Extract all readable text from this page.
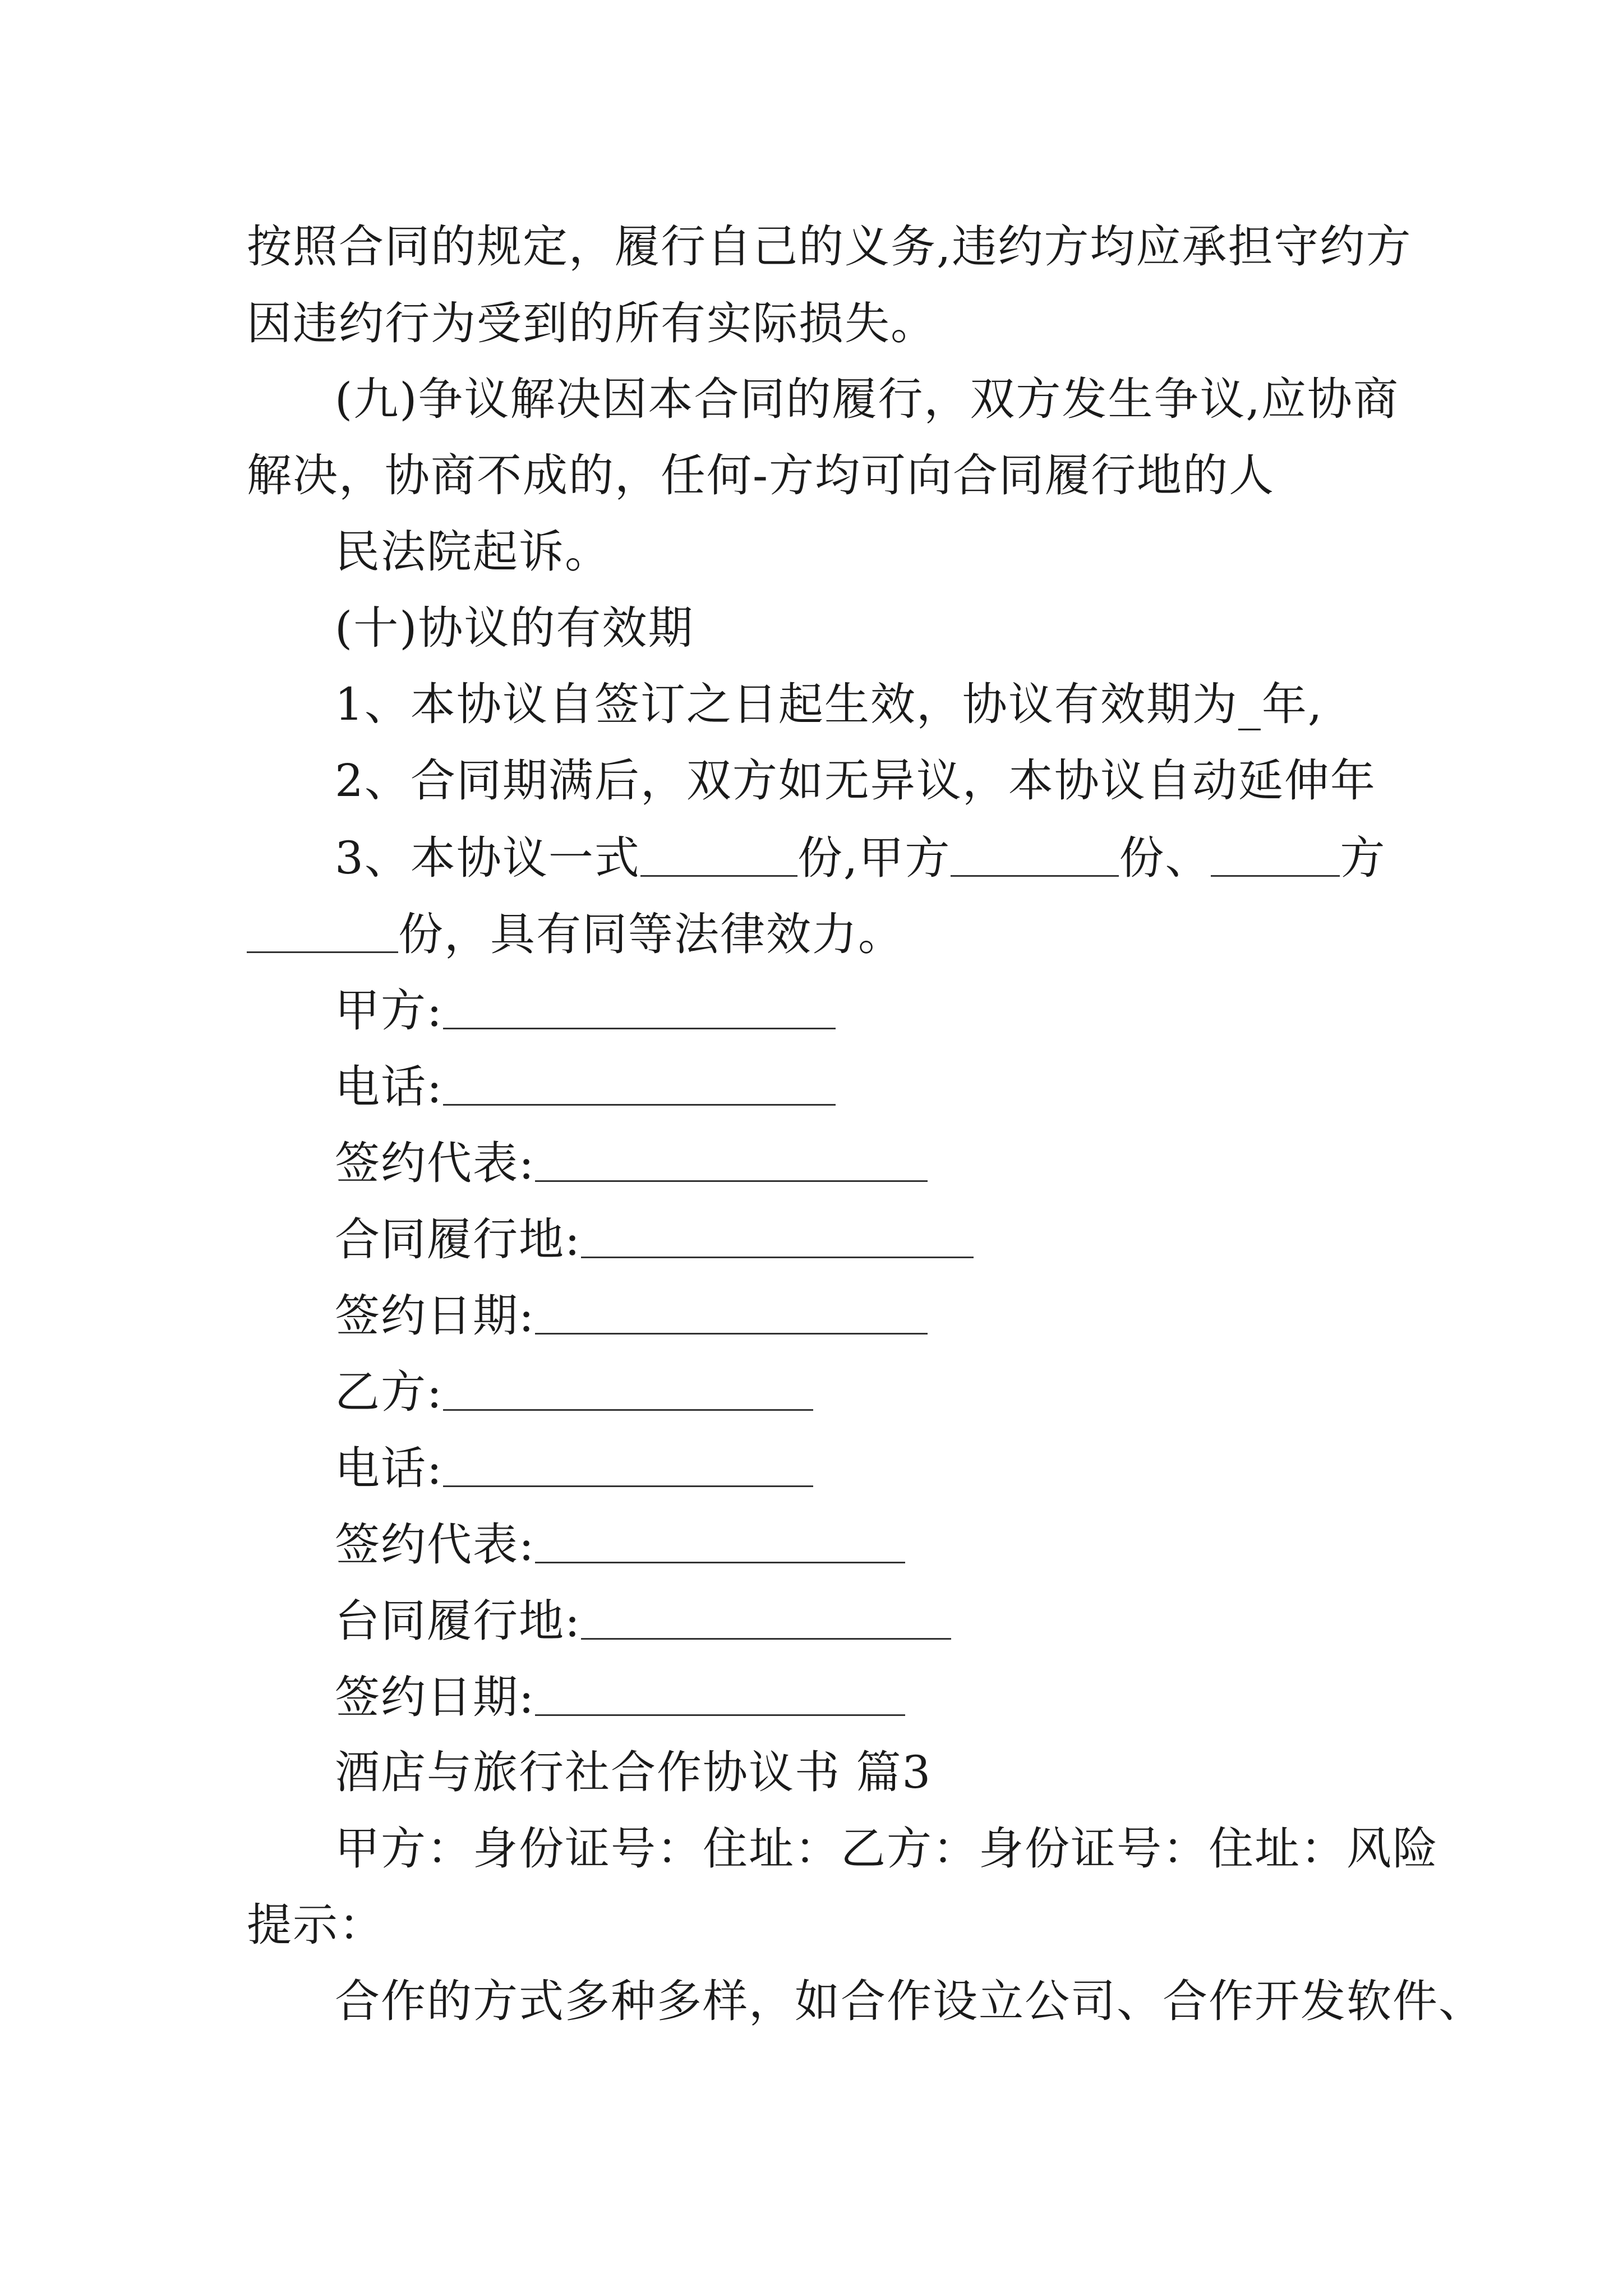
按照合同的规定，履行自己的义务,违约方均应承担守约方
因违约行为受到的所有实际损失。
(九)争议解决因本合同的履行，双方发生争议,应协商
解决，协商不成的，任何-方均可向合同履行地的人
民法院起诉。
(十)协议的有效期
1、本协议自签订之日起生效，协议有效期为_年,
2、合同期满后，双方如无异议，本协议自动延伸年
3、本协议一式	份,甲方	份、	方
份，具有同等法律效力。
甲方:
电话:
签约代表:
合同履行地:
签约日期:
乙方:
电话:
签约代表:
台同履行地:
签约日期:
酒店与旅行社合作协议书 篇3
甲方：身份证号：住址：乙方：身份证号：住址：风险
提示：
合作的方式多种多样，如合作设立公司、合作开发软件、
